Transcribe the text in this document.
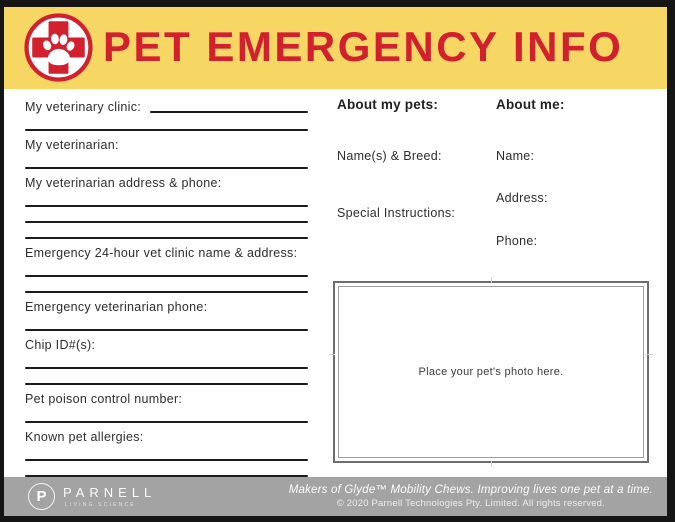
PET EMERGENCY INFO
My veterinary clinic:
My veterinarian:
My veterinarian address & phone:
Emergency 24-hour vet clinic name & address:
Emergency veterinarian phone:
Chip ID#(s):
Pet poison control number:
Known pet allergies:
About my pets:
Name(s) & Breed:
Special Instructions:
About me:
Name:
Address:
Phone:
Place your pet's photo here.
P PARNELL
LIVING SCIENCE
Makers of Glyde™ Mobility Chews. Improving lives one pet at a time.
© 2020 Parnell Technologies Pty. Limited. All rights reserved.
